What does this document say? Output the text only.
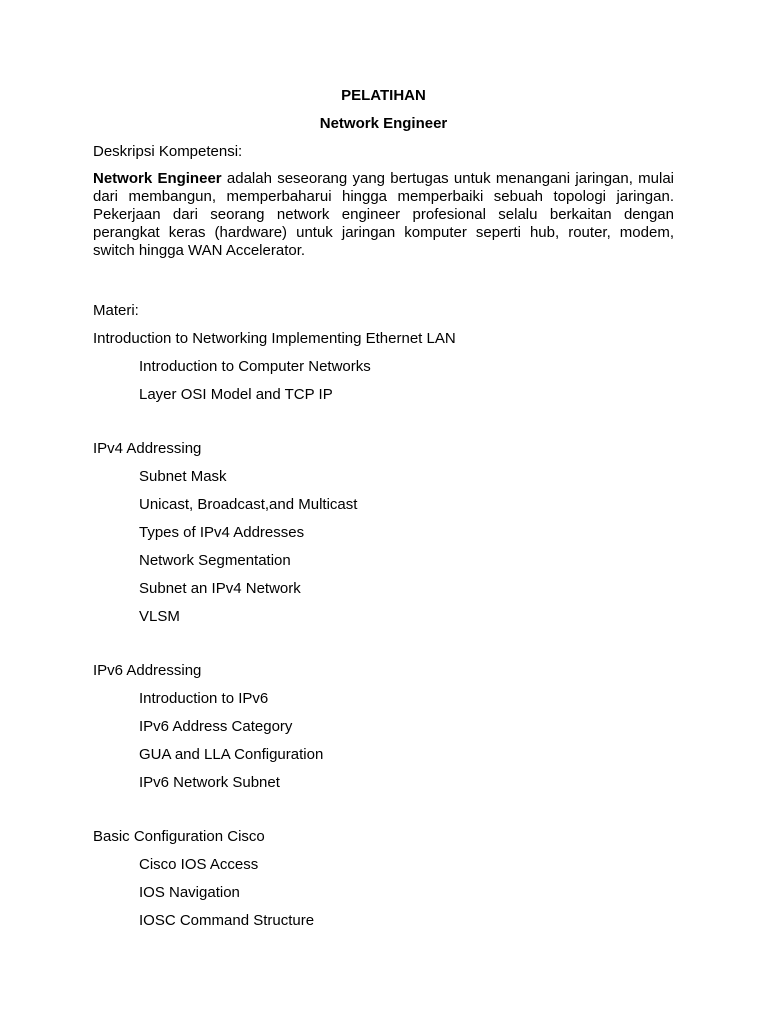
PELATIHAN
Network Engineer
Deskripsi Kompetensi:

Network Engineer adalah seseorang yang bertugas untuk menangani jaringan, mulai dari membangun, memperbaharui hingga memperbaiki sebuah topologi jaringan. Pekerjaan dari seorang network engineer profesional selalu berkaitan dengan perangkat keras (hardware) untuk jaringan komputer seperti hub, router, modem, switch hingga WAN Accelerator.

Materi:
Introduction to Networking Implementing Ethernet LAN
Introduction to Computer Networks
Layer OSI Model and TCP IP
IPv4 Addressing
Subnet Mask
Unicast, Broadcast,and Multicast
Types of IPv4 Addresses
Network Segmentation
Subnet an IPv4 Network
VLSM
IPv6 Addressing
Introduction to IPv6
IPv6 Address Category
GUA and LLA Configuration
IPv6 Network Subnet
Basic Configuration Cisco
Cisco IOS Access
IOS Navigation
IOSC Command Structure
